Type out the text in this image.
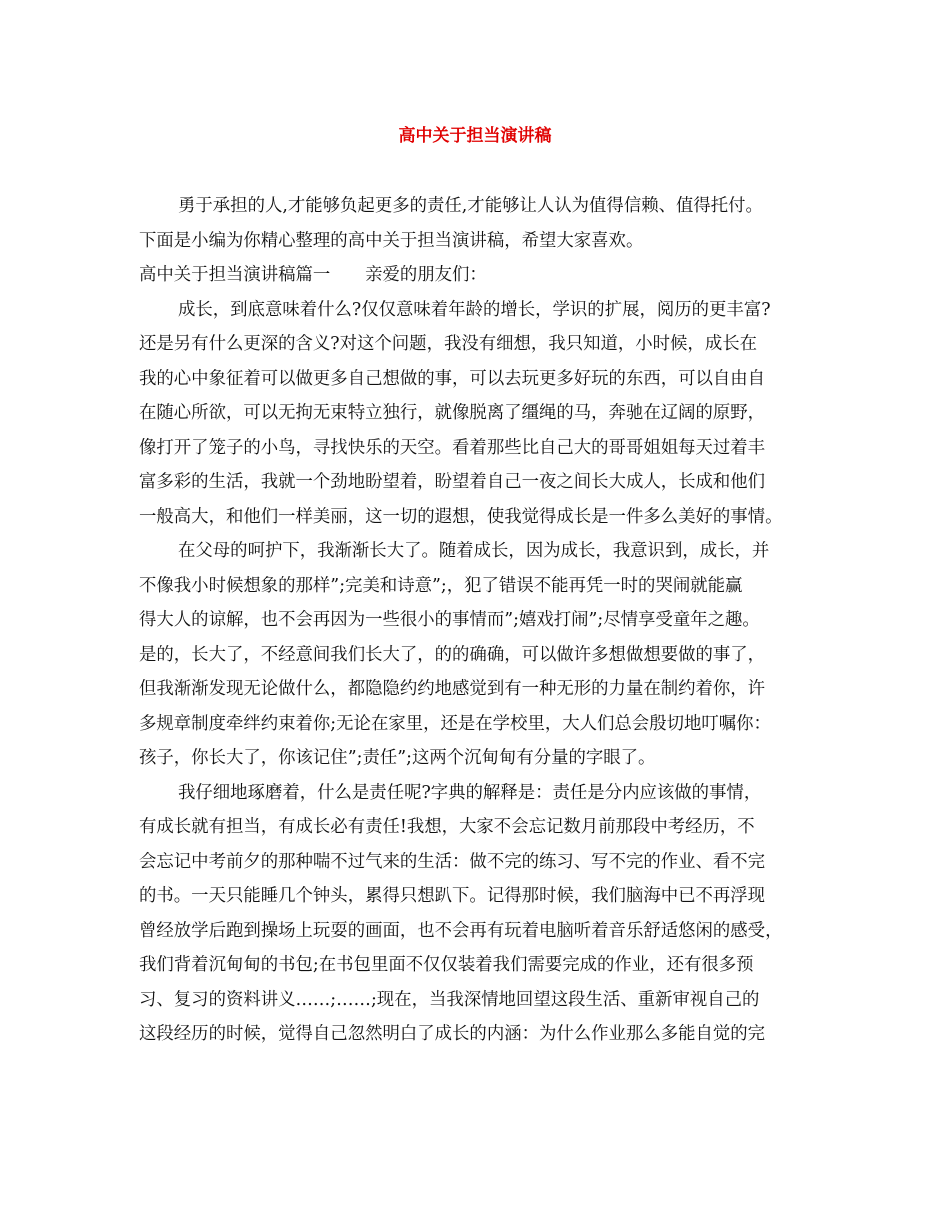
高中关于担当演讲稿
勇于承担的人,才能够负起更多的责任,才能够让人认为值得信赖、值得托付。
下面是小编为你精心整理的高中关于担当演讲稿，希望大家喜欢。
高中关于担当演讲稿篇一　　亲爱的朋友们：
成长，到底意味着什么?仅仅意味着年龄的增长，学识的扩展，阅历的更丰富?
还是另有什么更深的含义?对这个问题，我没有细想，我只知道，小时候，成长在
我的心中象征着可以做更多自己想做的事，可以去玩更多好玩的东西，可以自由自
在随心所欲，可以无拘无束特立独行，就像脱离了缰绳的马，奔驰在辽阔的原野，
像打开了笼子的小鸟，寻找快乐的天空。看着那些比自己大的哥哥姐姐每天过着丰
富多彩的生活，我就一个劲地盼望着，盼望着自己一夜之间长大成人，长成和他们
一般高大，和他们一样美丽，这一切的遐想，使我觉得成长是一件多么美好的事情。
在父母的呵护下，我渐渐长大了。随着成长，因为成长，我意识到，成长，并
不像我小时候想象的那样”;完美和诗意”;，犯了错误不能再凭一时的哭闹就能赢
得大人的谅解，也不会再因为一些很小的事情而”;嬉戏打闹”;尽情享受童年之趣。
是的，长大了，不经意间我们长大了，的的确确，可以做许多想做想要做的事了，
但我渐渐发现无论做什么，都隐隐约约地感觉到有一种无形的力量在制约着你，许
多规章制度牵绊约束着你;无论在家里，还是在学校里，大人们总会殷切地叮嘱你：
孩子，你长大了，你该记住”;责任”;这两个沉甸甸有分量的字眼了。
我仔细地琢磨着，什么是责任呢?字典的解释是：责任是分内应该做的事情，
有成长就有担当，有成长必有责任!我想，大家不会忘记数月前那段中考经历，不
会忘记中考前夕的那种喘不过气来的生活：做不完的练习、写不完的作业、看不完
的书。一天只能睡几个钟头，累得只想趴下。记得那时候，我们脑海中已不再浮现
曾经放学后跑到操场上玩耍的画面，也不会再有玩着电脑听着音乐舒适悠闲的感受，
我们背着沉甸甸的书包;在书包里面不仅仅装着我们需要完成的作业，还有很多预
习、复习的资料讲义……;……;现在，当我深情地回望这段生活、重新审视自己的
这段经历的时候，觉得自己忽然明白了成长的内涵：为什么作业那么多能自觉的完
